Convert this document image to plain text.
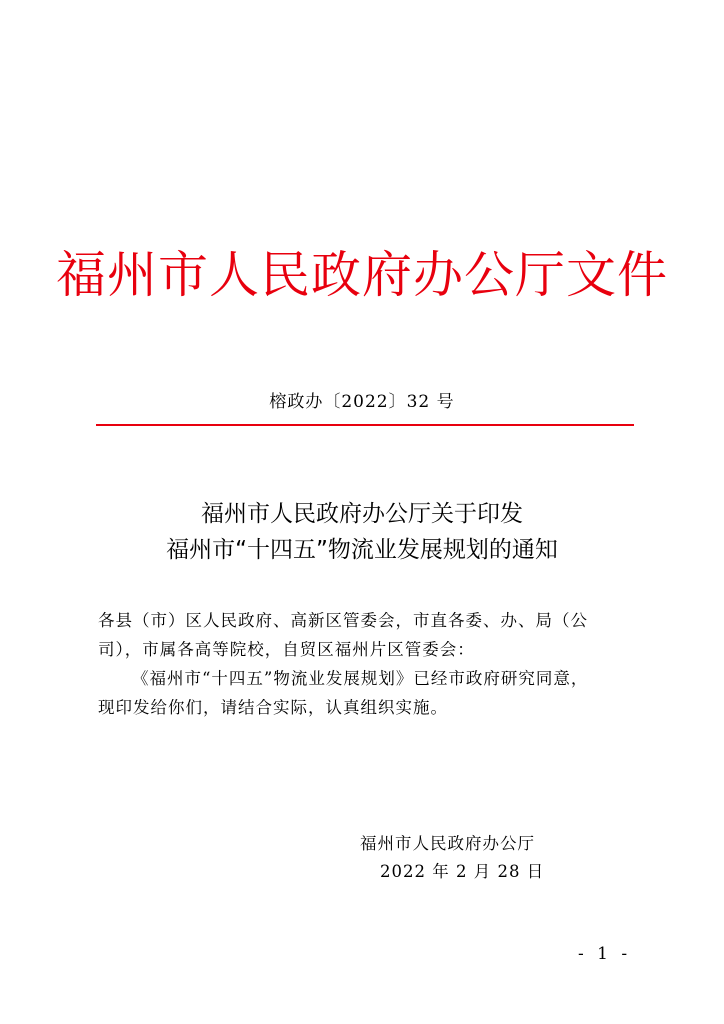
福州市人民政府办公厅文件
榕政办〔2022〕32 号
福州市人民政府办公厅关于印发
福州市“十四五”物流业发展规划的通知
各县（市）区人民政府、高新区管委会，市直各委、办、局（公
司），市属各高等院校，自贸区福州片区管委会：
《福州市“十四五”物流业发展规划》已经市政府研究同意，
现印发给你们，请结合实际，认真组织实施。
福州市人民政府办公厅
2022 年 2 月 28 日
- 1 -
